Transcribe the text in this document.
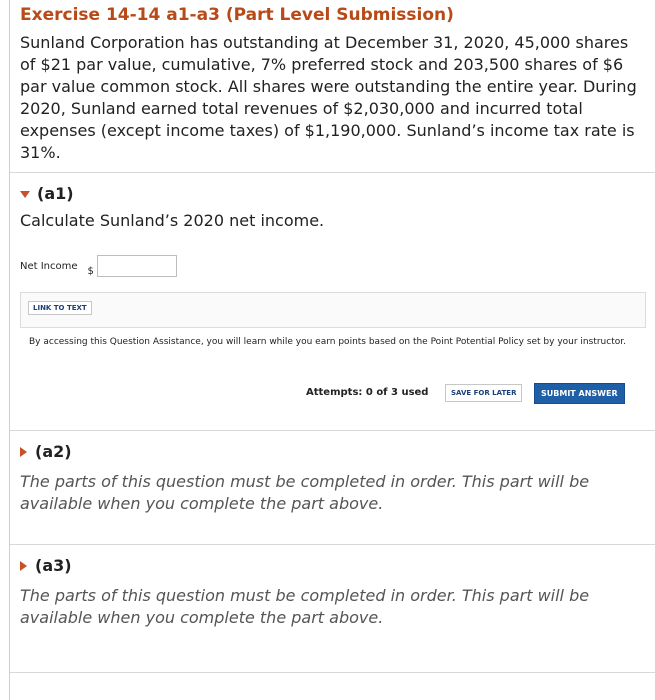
Exercise 14-14 a1-a3 (Part Level Submission)

Sunland Corporation has outstanding at December 31, 2020, 45,000 shares of $21 par value, cumulative, 7% preferred stock and 203,500 shares of $6 par value common stock. All shares were outstanding the entire year. During 2020, Sunland earned total revenues of $2,030,000 and incurred total expenses (except income taxes) of $1,190,000. Sunland’s income tax rate is 31%.

(a1)
Calculate Sunland’s 2020 net income.
Net Income $
LINK TO TEXT
By accessing this Question Assistance, you will learn while you earn points based on the Point Potential Policy set by your instructor.
Attempts: 0 of 3 used	SAVE FOR LATER	SUBMIT ANSWER
(a2)
The parts of this question must be completed in order. This part will be available when you complete the part above.
(a3)
The parts of this question must be completed in order. This part will be available when you complete the part above.
